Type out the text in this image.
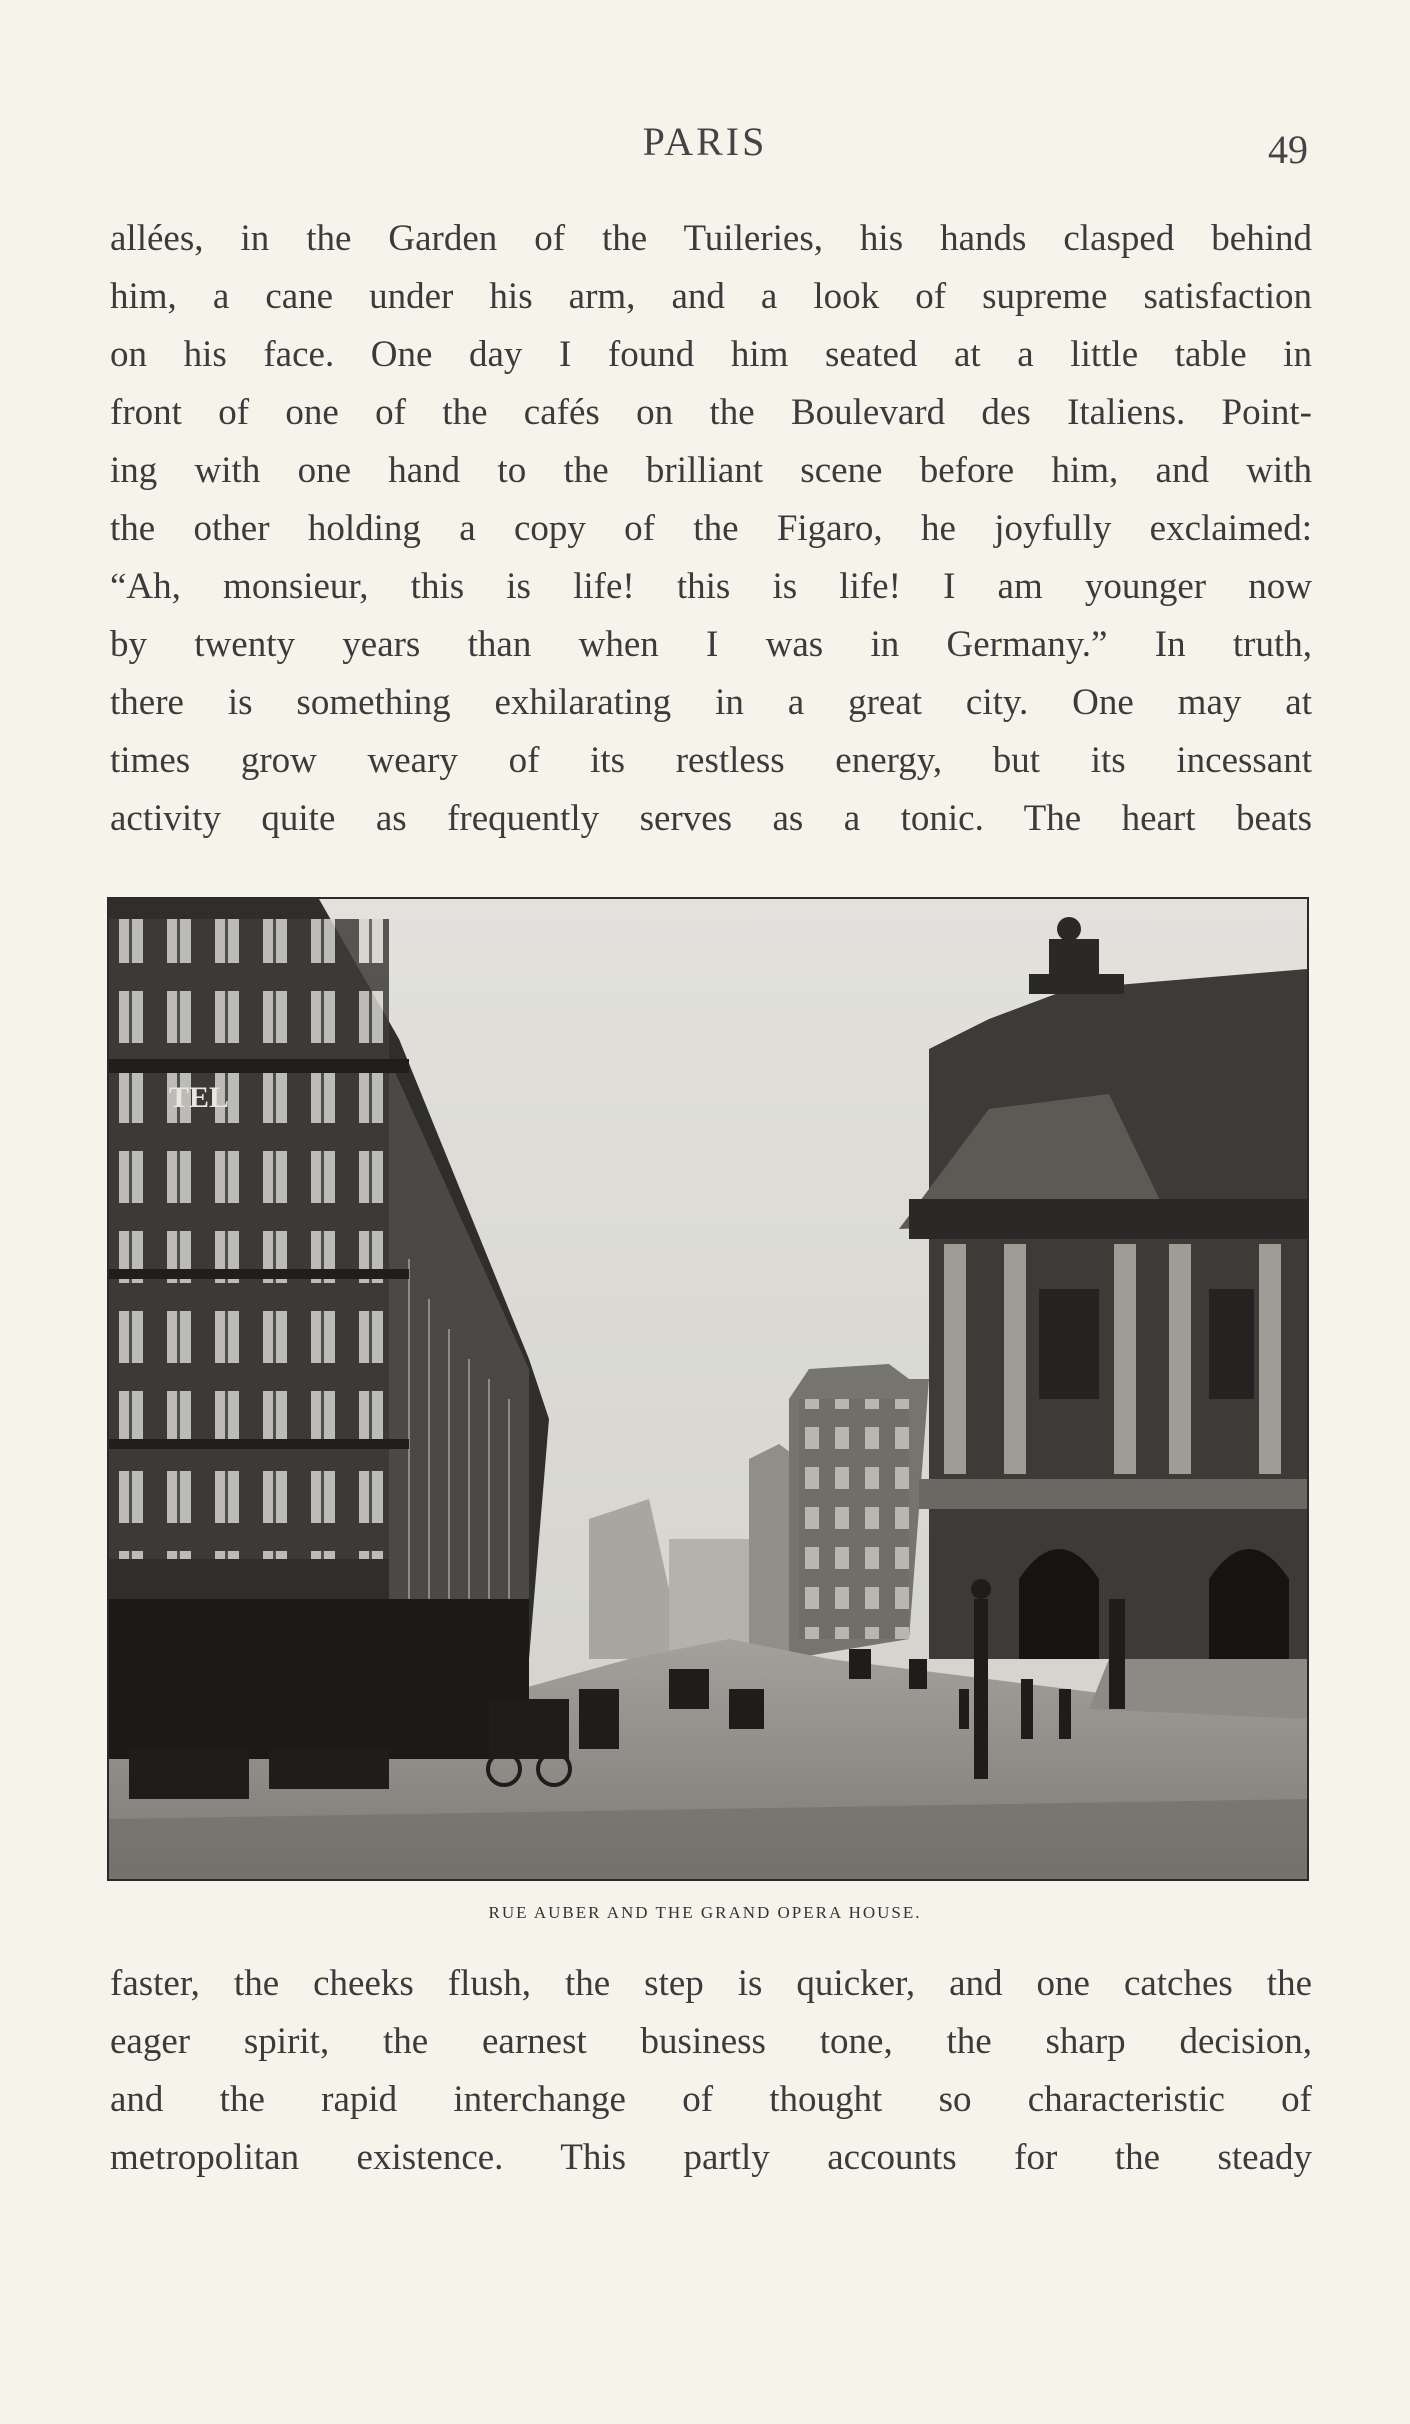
PARIS	49
allées, in the Garden of the Tuileries, his hands clasped behind
him, a cane under his arm, and a look of supreme satisfaction
on his face. One day I found him seated at a little table in
front of one of the cafés on the Boulevard des Italiens. Point-
ing with one hand to the brilliant scene before him, and with
the other holding a copy of the Figaro, he joyfully exclaimed:
“Ah, monsieur, this is life! this is life! I am younger now
by twenty years than when I was in Germany.” In truth,
there is something exhilarating in a great city. One may at
times grow weary of its restless energy, but its incessant
activity quite as frequently serves as a tonic. The heart beats
TEL
RUE AUBER AND THE GRAND OPERA HOUSE.
faster, the cheeks flush, the step is quicker, and one catches the
eager spirit, the earnest business tone, the sharp decision,
and the rapid interchange of thought so characteristic of
metropolitan existence. This partly accounts for the steady
